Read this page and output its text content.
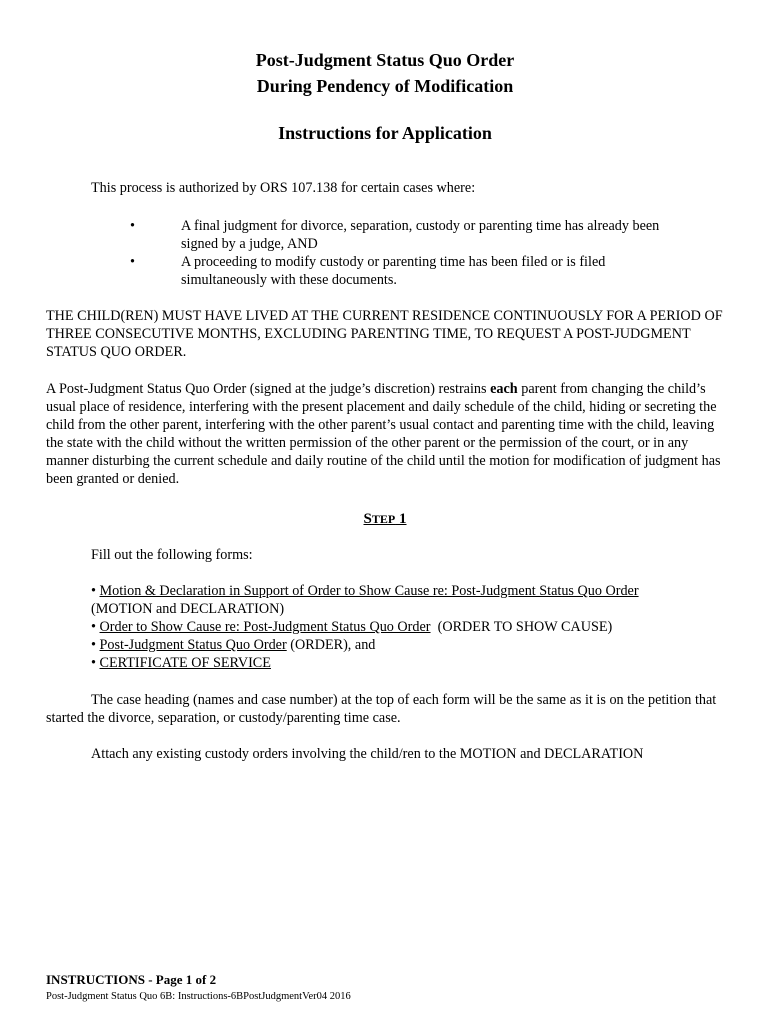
Post-Judgment Status Quo Order
During Pendency of Modification
Instructions for Application

This process is authorized by ORS 107.138 for certain cases where:

•	A final judgment for divorce, separation, custody or parenting time has already been signed by a judge, AND
•	A proceeding to modify custody or parenting time has been filed or is filed simultaneously with these documents.

THE CHILD(REN) MUST HAVE LIVED AT THE CURRENT RESIDENCE CONTINUOUSLY FOR A PERIOD OF THREE CONSECUTIVE MONTHS, EXCLUDING PARENTING TIME, TO REQUEST A POST-JUDGMENT STATUS QUO ORDER.

A Post-Judgment Status Quo Order (signed at the judge’s discretion) restrains each parent from changing the child’s usual place of residence, interfering with the present placement and daily schedule of the child, hiding or secreting the child from the other parent, interfering with the other parent’s usual contact and parenting time with the child, leaving the state with the child without the written permission of the other parent or the permission of the court, or in any manner disturbing the current schedule and daily routine of the child until the motion for modification of judgment has been granted or denied.

STEP 1

Fill out the following forms:

• Motion & Declaration in Support of Order to Show Cause re: Post-Judgment Status Quo Order
(MOTION and DECLARATION)
• Order to Show Cause re: Post-Judgment Status Quo Order  (ORDER TO SHOW CAUSE)
• Post-Judgment Status Quo Order (ORDER), and
• CERTIFICATE OF SERVICE

The case heading (names and case number) at the top of each form will be the same as it is on the petition that started the divorce, separation, or custody/parenting time case.

Attach any existing custody orders involving the child/ren to the MOTION and DECLARATION

INSTRUCTIONS - Page 1 of 2
Post-Judgment Status Quo 6B: Instructions-6BPostJudgmentVer04 2016
